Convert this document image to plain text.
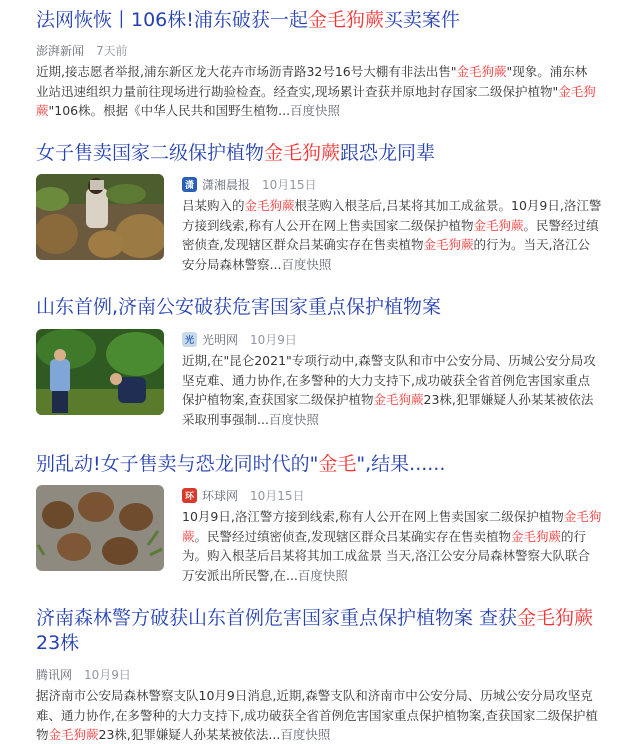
法网恢恢丨106株!浦东破获一起金毛狗蕨买卖案件
澎湃新闻 7天前
近期,接志愿者举报,浦东新区龙大花卉市场沥青路32号16号大棚有非法出售"金毛狗蕨"现象。浦东林业站迅速组织力量前往现场进行勘验检查。经查实,现场累计查获并原地封存国家二级保护植物"金毛狗蕨"106株。根据《中华人民共和国野生植物...百度快照
女子售卖国家二级保护植物金毛狗蕨跟恐龙同辈
潇 潇湘晨报 10月15日
吕某购入的金毛狗蕨根茎购入根茎后,吕某将其加工成盆景。10月9日,洛江警方接到线索,称有人公开在网上售卖国家二级保护植物金毛狗蕨。民警经过缜密侦查,发现辖区群众吕某确实存在售卖植物金毛狗蕨的行为。当天,洛江公安分局森林警察...百度快照
山东首例,济南公安破获危害国家重点保护植物案
光 光明网 10月9日
近期,在"昆仑2021"专项行动中,森警支队和市中公安分局、历城公安分局攻坚克难、通力协作,在多警种的大力支持下,成功破获全省首例危害国家重点保护植物案,查获国家二级保护植物金毛狗蕨23株,犯罪嫌疑人孙某某被依法采取刑事强制...百度快照
别乱动!女子售卖与恐龙同时代的"金毛",结果......
环 环球网 10月15日
10月9日,洛江警方接到线索,称有人公开在网上售卖国家二级保护植物金毛狗蕨。民警经过缜密侦查,发现辖区群众吕某确实存在售卖植物金毛狗蕨的行为。购入根茎后吕某将其加工成盆景 当天,洛江公安分局森林警察大队联合万安派出所民警,在...百度快照
济南森林警方破获山东首例危害国家重点保护植物案 查获金毛狗蕨23株
腾讯网 10月9日
据济南市公安局森林警察支队10月9日消息,近期,森警支队和济南市中公安分局、历城公安分局攻坚克难、通力协作,在多警种的大力支持下,成功破获全省首例危害国家重点保护植物案,查获国家二级保护植物金毛狗蕨23株,犯罪嫌疑人孙某某被依法...百度快照
